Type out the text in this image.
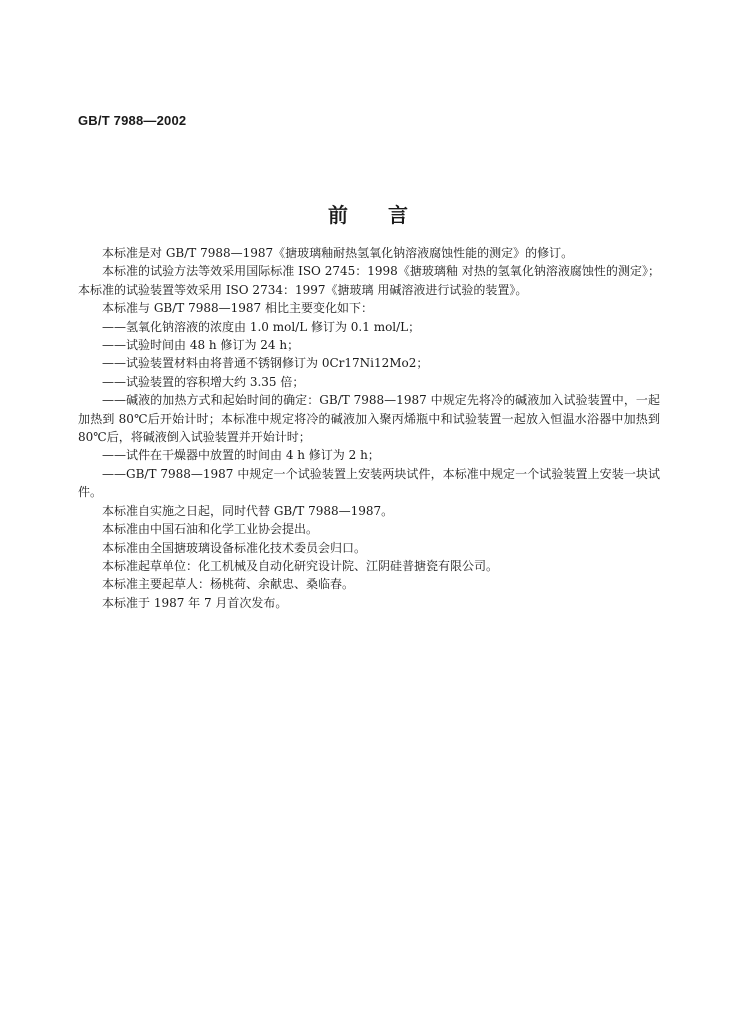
GB/T 7988—2002
前 言

本标准是对 GB/T 7988—1987《搪玻璃釉耐热氢氧化钠溶液腐蚀性能的测定》的修订。

本标准的试验方法等效采用国际标准 ISO 2745：1998《搪玻璃釉 对热的氢氧化钠溶液腐蚀性的测定》；本标准的试验装置等效采用 ISO 2734：1997《搪玻璃 用碱溶液进行试验的装置》。

本标准与 GB/T 7988—1987 相比主要变化如下：

——氢氧化钠溶液的浓度由 1.0 mol/L 修订为 0.1 mol/L；

——试验时间由 48 h 修订为 24 h；

——试验装置材料由将普通不锈钢修订为 0Cr17Ni12Mo2；

——试验装置的容积增大约 3.35 倍；

——碱液的加热方式和起始时间的确定：GB/T 7988—1987 中规定先将冷的碱液加入试验装置中，一起加热到 80℃后开始计时；本标准中规定将冷的碱液加入聚丙烯瓶中和试验装置一起放入恒温水浴器中加热到 80℃后，将碱液倒入试验装置并开始计时；

——试件在干燥器中放置的时间由 4 h 修订为 2 h；

——GB/T 7988—1987 中规定一个试验装置上安装两块试件，本标准中规定一个试验装置上安装一块试件。

本标准自实施之日起，同时代替 GB/T 7988—1987。

本标准由中国石油和化学工业协会提出。

本标准由全国搪玻璃设备标准化技术委员会归口。

本标准起草单位：化工机械及自动化研究设计院、江阴硅普搪瓷有限公司。

本标准主要起草人：杨桃荷、余献忠、桑临春。

本标准于 1987 年 7 月首次发布。
